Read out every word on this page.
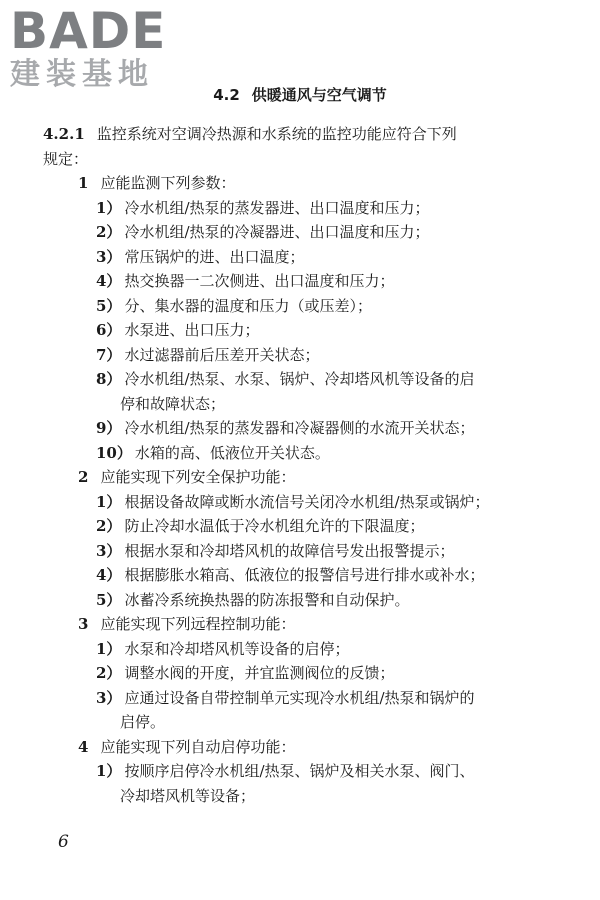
BADE
建装基地
4.2 供暖通风与空气调节
4.2.1 监控系统对空调冷热源和水系统的监控功能应符合下列
规定：
1 应能监测下列参数：
1） 冷水机组/热泵的蒸发器进、出口温度和压力；
2） 冷水机组/热泵的冷凝器进、出口温度和压力；
3） 常压锅炉的进、出口温度；
4） 热交换器一二次侧进、出口温度和压力；
5） 分、集水器的温度和压力（或压差）；
6） 水泵进、出口压力；
7） 水过滤器前后压差开关状态；
8） 冷水机组/热泵、水泵、锅炉、冷却塔风机等设备的启
停和故障状态；
9） 冷水机组/热泵的蒸发器和冷凝器侧的水流开关状态；
10） 水箱的高、低液位开关状态。
2 应能实现下列安全保护功能：
1） 根据设备故障或断水流信号关闭冷水机组/热泵或锅炉；
2） 防止冷却水温低于冷水机组允许的下限温度；
3） 根据水泵和冷却塔风机的故障信号发出报警提示；
4） 根据膨胀水箱高、低液位的报警信号进行排水或补水；
5） 冰蓄冷系统换热器的防冻报警和自动保护。
3 应能实现下列远程控制功能：
1） 水泵和冷却塔风机等设备的启停；
2） 调整水阀的开度，并宜监测阀位的反馈；
3） 应通过设备自带控制单元实现冷水机组/热泵和锅炉的
启停。
4 应能实现下列自动启停功能：
1） 按顺序启停冷水机组/热泵、锅炉及相关水泵、阀门、
冷却塔风机等设备；
6
